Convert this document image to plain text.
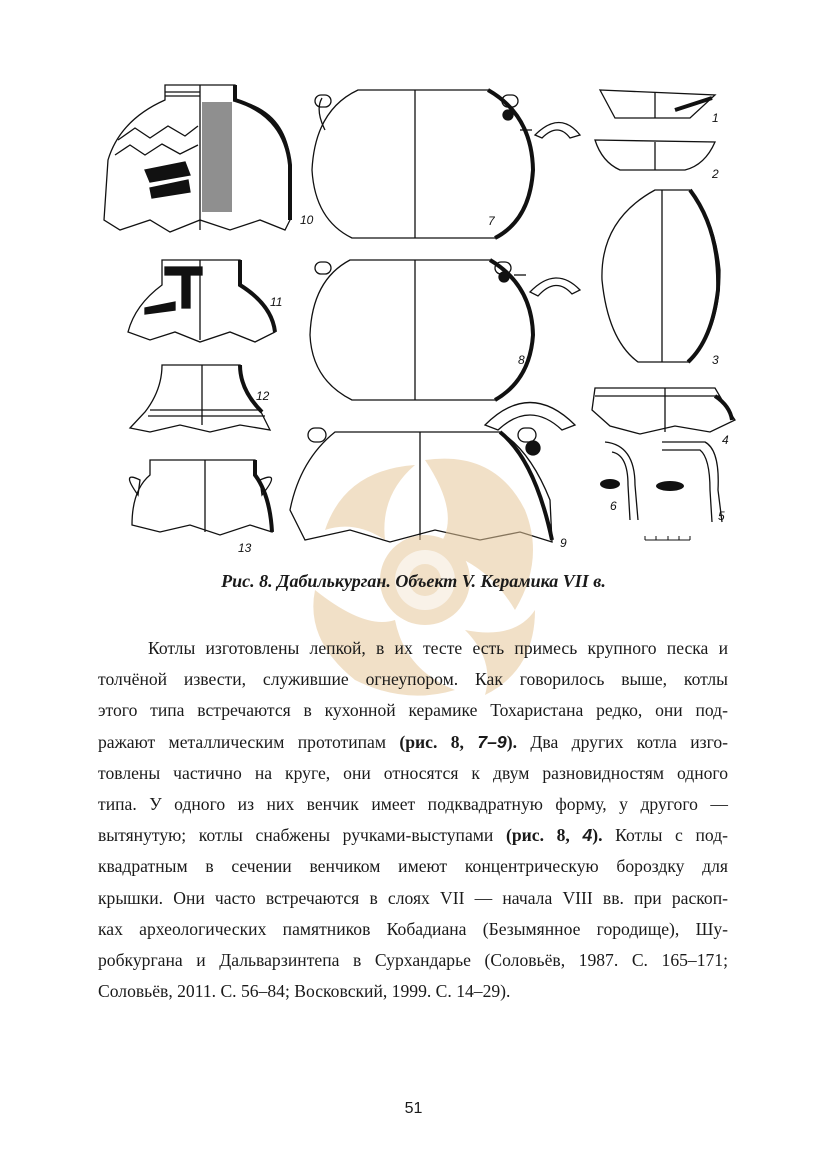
10	7
1
2
3
11
8
12
4
9
13
6
5
Рис. 8. Дабилькурган. Объект V. Керамика VII в.
Котлы изготовлены лепкой, в их тесте есть примесь крупного песка и
толчёной извести, служившие огнеупором. Как говорилось выше, котлы
этого типа встречаются в кухонной керамике Тохаристана редко, они под-
ражают металлическим прототипам (рис. 8, 7–9). Два других котла изго-
товлены частично на круге, они относятся к двум разновидностям одного
типа. У одного из них венчик имеет подквадратную форму, у другого —
вытянутую; котлы снабжены ручками-выступами (рис. 8, 4). Котлы с под-
квадратным в сечении венчиком имеют концентрическую бороздку для
крышки. Они часто встречаются в слоях VII — начала VIII вв. при раскоп-
ках археологических памятников Кобадиана (Безымянное городище), Шу-
робкургана и Дальварзинтепа в Сурхандарье (Соловьёв, 1987. С. 165–171;
Соловьёв, 2011. С. 56–84; Восковский, 1999. С. 14–29).
51
